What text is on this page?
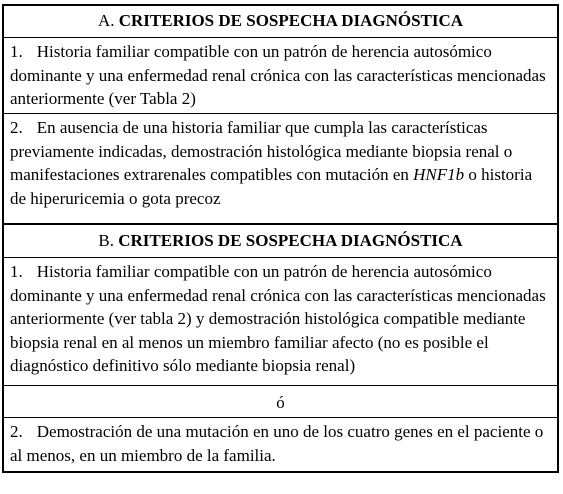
A. CRITERIOS DE SOSPECHA DIAGNÓSTICA
1. Historia familiar compatible con un patrón de herencia autosómico dominante y una enfermedad renal crónica con las características mencionadas anteriormente (ver Tabla 2)
2. En ausencia de una historia familiar que cumpla las características previamente indicadas, demostración histológica mediante biopsia renal o manifestaciones extrarenales compatibles con mutación en HNF1b o historia de hiperuricemia o gota precoz
B. CRITERIOS DE SOSPECHA DIAGNÓSTICA
1. Historia familiar compatible con un patrón de herencia autosómico dominante y una enfermedad renal crónica con las características mencionadas anteriormente (ver tabla 2) y demostración histológica compatible mediante biopsia renal en al menos un miembro familiar afecto (no es posible el diagnóstico definitivo sólo mediante biopsia renal)
ó
2. Demostración de una mutación en uno de los cuatro genes en el paciente o al menos, en un miembro de la familia.
